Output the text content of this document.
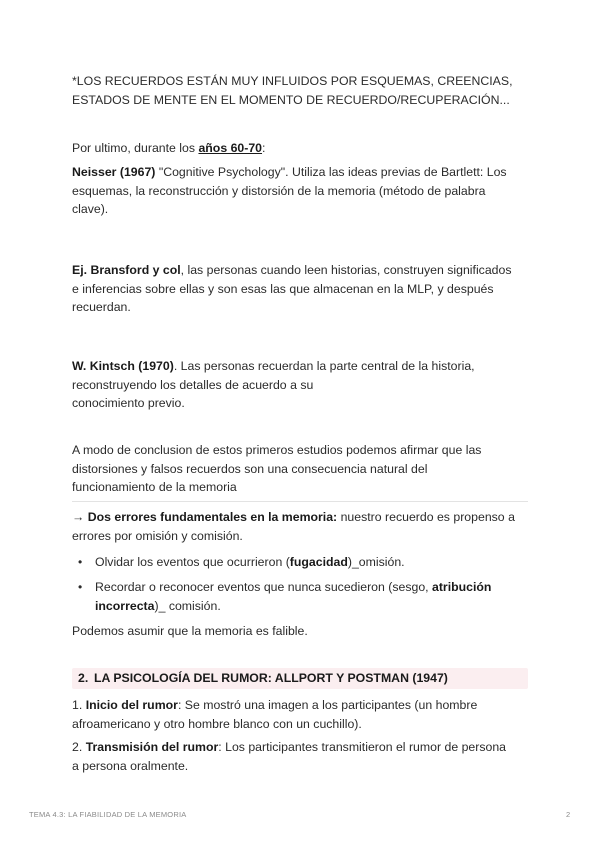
*LOS RECUERDOS ESTÁN MUY INFLUIDOS POR ESQUEMAS, CREENCIAS,

ESTADOS DE MENTE EN EL MOMENTO DE RECUERDO/RECUPERACIÓN...

Por ultimo, durante los años 60-70:

Neisser (1967) "Cognitive Psychology". Utiliza las ideas previas de Bartlett: Los

esquemas, la reconstrucción y distorsión de la memoria (método de palabra

clave).

Ej. Bransford y col, las personas cuando leen historias, construyen significados

e inferencias sobre ellas y son esas las que almacenan en la MLP, y después

recuerdan.

W. Kintsch (1970). Las personas recuerdan la parte central de la historia,

reconstruyendo los detalles de acuerdo a su

conocimiento previo.

A modo de conclusion de estos primeros estudios podemos afirmar que las

distorsiones y falsos recuerdos son una consecuencia natural del

funcionamiento de la memoria

→ Dos errores fundamentales en la memoria: nuestro recuerdo es propenso a

errores por omisión y comisión.

• Olvidar los eventos que ocurrieron (fugacidad)_omisión.

• Recordar o reconocer eventos que nunca sucedieron (sesgo, atribución

incorrecta)_ comisión.

Podemos asumir que la memoria es falible.

2. LA PSICOLOGÍA DEL RUMOR: ALLPORT Y POSTMAN (1947)

1. Inicio del rumor: Se mostró una imagen a los participantes (un hombre

afroamericano y otro hombre blanco con un cuchillo).

2. Transmisión del rumor: Los participantes transmitieron el rumor de persona

a persona oralmente.

TEMA 4.3: LA FIABILIDAD DE LA MEMORIA	2
